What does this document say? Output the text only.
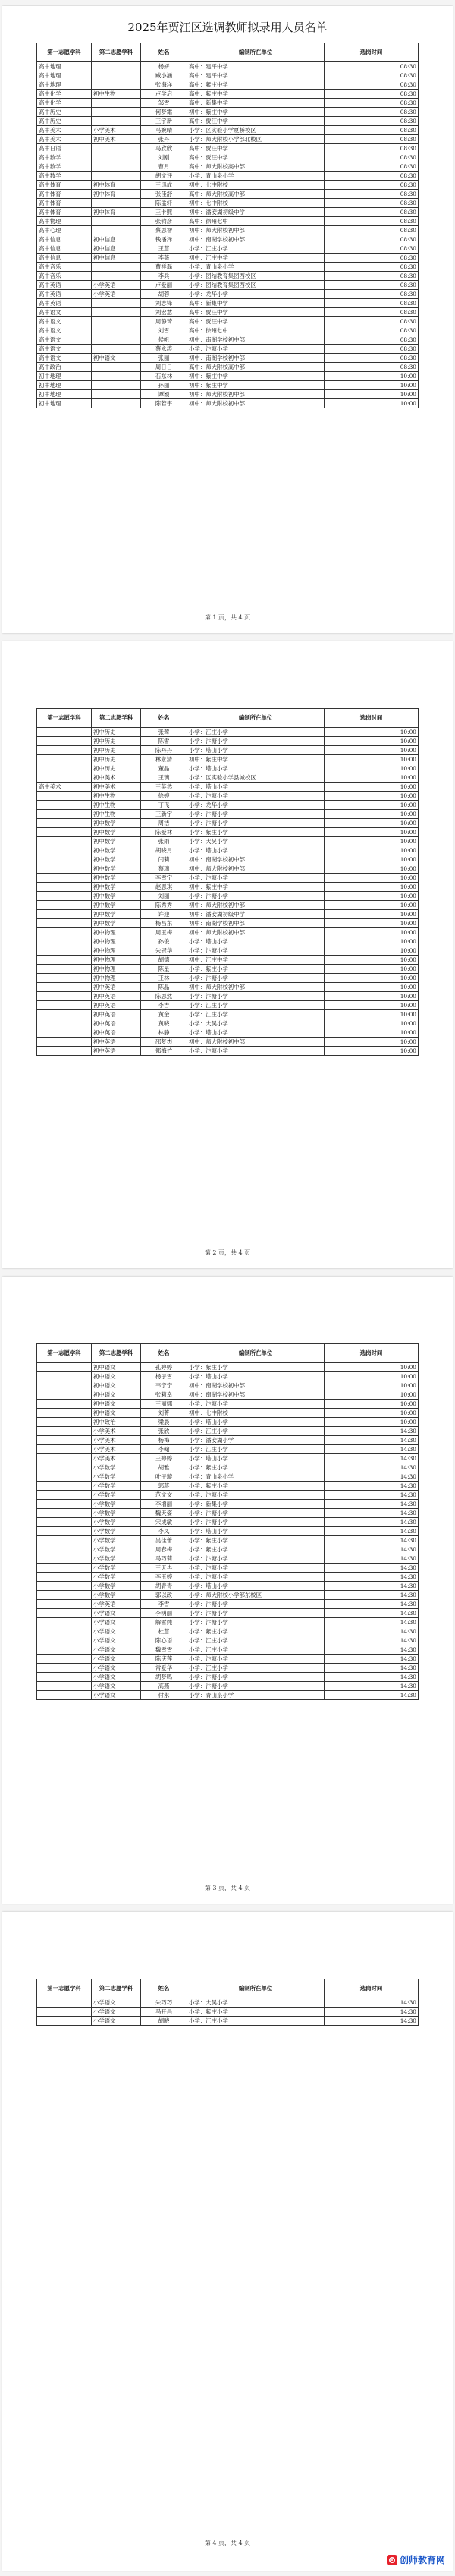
2025年贾汪区选调教师拟录用人员名单
第一志愿学科	第二志愿学科	姓名	编制所在单位	选岗时间
高中地理		杨妍	高中：建平中学	08:30
高中地理		臧小涵	高中：建平中学	08:30
高中地理		张海洋	高中：紫庄中学	08:30
高中化学	初中生物	卢学启	高中：紫庄中学	08:30
高中化学		邹雪	高中：新集中学	08:30
高中历史		何梦霜	初中：紫庄中学	08:30
高中历史		王宇新	高中：贾汪中学	08:30
高中美术	小学美术	马婉晴	小学：区实验小学夏桥校区	08:30
高中美术	初中美术	张丹	小学：师大附校小学部北校区	08:30
高中日语		马欣欣	高中：贾汪中学	08:30
高中数学		刘刚	高中：贾汪中学	08:30
高中数学		曹月	高中：师大附校高中部	08:30
高中数学		胡文评	小学：青山泉小学	08:30
高中体育	初中体育	王迅成	初中：七中附校	08:30
高中体育	初中体育	张佳舒	高中：师大附校高中部	08:30
高中体育		陈孟轩	初中：七中附校	08:30
高中体育	初中体育	王卡熙	初中：潘安湖初级中学	08:30
高中物理		张钧彦	高中：徐州七中	08:30
高中心理		蔡思智	初中：师大附校初中部	08:30
高中信息	初中信息	钱潘泽	初中：南湖学校初中部	08:30
高中信息	初中信息	王慧	小学：江庄小学	08:30
高中信息	初中信息	李薇	初中：江庄中学	08:30
高中音乐		曹祥磊	小学：青山泉小学	08:30
高中音乐		李兵	小学：团结教育集团西校区	08:30
高中英语	小学英语	卢爱丽	小学：团结教育集团西校区	08:30
高中英语	小学英语	胡蓉	小学：龙华小学	08:30
高中英语		刘志锋	高中：新集中学	08:30
高中语文		刘宏慧	高中：贾汪中学	08:30
高中语文		周静琦	高中：贾汪中学	08:30
高中语文		刘雪	高中：徐州七中	08:30
高中语文		侯帆	初中：南湖学校初中部	08:30
高中语文		蔡永涛	小学：汴塘小学	08:30
高中语文	初中语文	张丽	初中：南湖学校初中部	08:30
高中政治		周日日	高中：师大附校高中部	08:30
初中地理		石东林	初中：紫庄中学	10:00
初中地理		孙丽	初中：紫庄中学	10:00
初中地理		谭颖	初中：师大附校初中部	10:00
初中地理		陈若宇	初中：师大附校初中部	10:00
第 1 页，共 4 页
第一志愿学科	第二志愿学科	姓名	编制所在单位	选岗时间
	初中历史	张莺	小学：江庄小学	10:00
	初中历史	陈雪	小学：汴塘小学	10:00
	初中历史	陈丹丹	小学：塔山小学	10:00
	初中历史	林永清	初中：紫庄中学	10:00
	初中历史	董晶	小学：塔山小学	10:00
	初中美术	王琬	小学：区实验小学县城校区	10:00
高中美术	初中美术	王英然	小学：塔山小学	10:00
	初中生物	徐婷	小学：汴塘小学	10:00
	初中生物	丁飞	小学：龙华小学	10:00
	初中生物	王新宇	小学：汴塘小学	10:00
	初中数学	周洁	小学：汴塘小学	10:00
	初中数学	陈爱林	小学：紫庄小学	10:00
	初中数学	张雨	小学：大吴小学	10:00
	初中数学	胡晓月	小学：塔山小学	10:00
	初中数学	闫莉	初中：南湖学校初中部	10:00
	初中数学	蔡瑞	初中：师大附校初中部	10:00
	初中数学	李雪宁	小学：汴塘小学	10:00
	初中数学	赵思琪	初中：紫庄中学	10:00
	初中数学	刘丽	小学：汴塘小学	10:00
	初中数学	陈秀秀	初中：师大附校初中部	10:00
	初中数学	许迎	初中：潘安湖初级中学	10:00
	初中数学	杨昌东	初中：南湖学校初中部	10:00
	初中物理	周玉梅	初中：师大附校初中部	10:00
	初中物理	孙俊	小学：塔山小学	10:00
	初中物理	朱冠华	小学：汴塘小学	10:00
	初中物理	胡德	初中：江庄中学	10:00
	初中物理	陈星	小学：紫庄小学	10:00
	初中物理	王林	小学：汴塘小学	10:00
	初中英语	陈晶	初中：师大附校初中部	10:00
	初中英语	陈思然	小学：汴塘小学	10:00
	初中英语	李吉	小学：江庄小学	10:00
	初中英语	黄金	小学：江庄小学	10:00
	初中英语	黄晓	小学：大吴小学	10:00
	初中英语	林静	小学：塔山小学	10:00
	初中英语	邵梦杰	初中：师大附校初中部	10:00
	初中英语	郑梅竹	小学：汴塘小学	10:00
第 2 页，共 4 页
第一志愿学科	第二志愿学科	姓名	编制所在单位	选岗时间
	初中语文	孔婷婷	小学：紫庄小学	10:00
	初中语文	杨子雪	小学：塔山小学	10:00
	初中语文	韦宁宁	初中：南湖学校初中部	10:00
	初中语文	张莉幸	初中：南湖学校初中部	10:00
	初中语文	王丽娜	小学：汴塘小学	10:00
	初中语文	刘菁	初中：七中附校	10:00
	初中政治	梁晨	小学：塔山小学	10:00
	小学美术	张欣	小学：江庄小学	14:30
	小学美术	杨梅	小学：潘安湖小学	14:30
	小学美术	李翰	小学：江庄小学	14:30
	小学美术	王婷婷	小学：塔山小学	14:30
	小学数学	胡雅	小学：紫庄小学	14:30
	小学数学	叶子璇	小学：青山泉小学	14:30
	小学数学	郭蒋	小学：紫庄小学	14:30
	小学数学	范文文	小学：汴塘小学	14:30
	小学数学	李增丽	小学：新集小学	14:30
	小学数学	魏天姿	小学：汴塘小学	14:30
	小学数学	宋成敏	小学：汴塘小学	14:30
	小学数学	李凤	小学：塔山小学	14:30
	小学数学	吴佳蕾	小学：紫庄小学	14:30
	小学数学	周春梅	小学：紫庄小学	14:30
	小学数学	马巧莉	小学：汴塘小学	14:30
	小学数学	王天冉	小学：汴塘小学	14:30
	小学数学	李玉婷	小学：汴塘小学	14:30
	小学数学	胡青青	小学：塔山小学	14:30
	小学数学	郭以政	小学：师大附校小学部东校区	14:30
	小学英语	李雪	小学：汴塘小学	14:30
	小学语文	李明丽	小学：汴塘小学	14:30
	小学语文	解雪纯	小学：汴塘小学	14:30
	小学语文	杜慧	小学：紫庄小学	14:30
	小学语文	陈心语	小学：江庄小学	14:30
	小学语文	魏雪雪	小学：江庄小学	14:30
	小学语文	陈庆莲	小学：汴塘小学	14:30
	小学语文	常爱华	小学：江庄小学	14:30
	小学语文	胡梦鸣	小学：汴塘小学	14:30
	小学语文	高燕	小学：汴塘小学	14:30
	小学语文	付永	小学：青山泉小学	14:30
第 3 页，共 4 页
第一志愿学科	第二志愿学科	姓名	编制所在单位	选岗时间
	小学语文	朱巧巧	小学：大吴小学	14:30
	小学语文	马开昌	小学：紫庄小学	14:30
	小学语文	胡晓	小学：江庄小学	14:30
第 4 页，共 4 页
创师教育网
